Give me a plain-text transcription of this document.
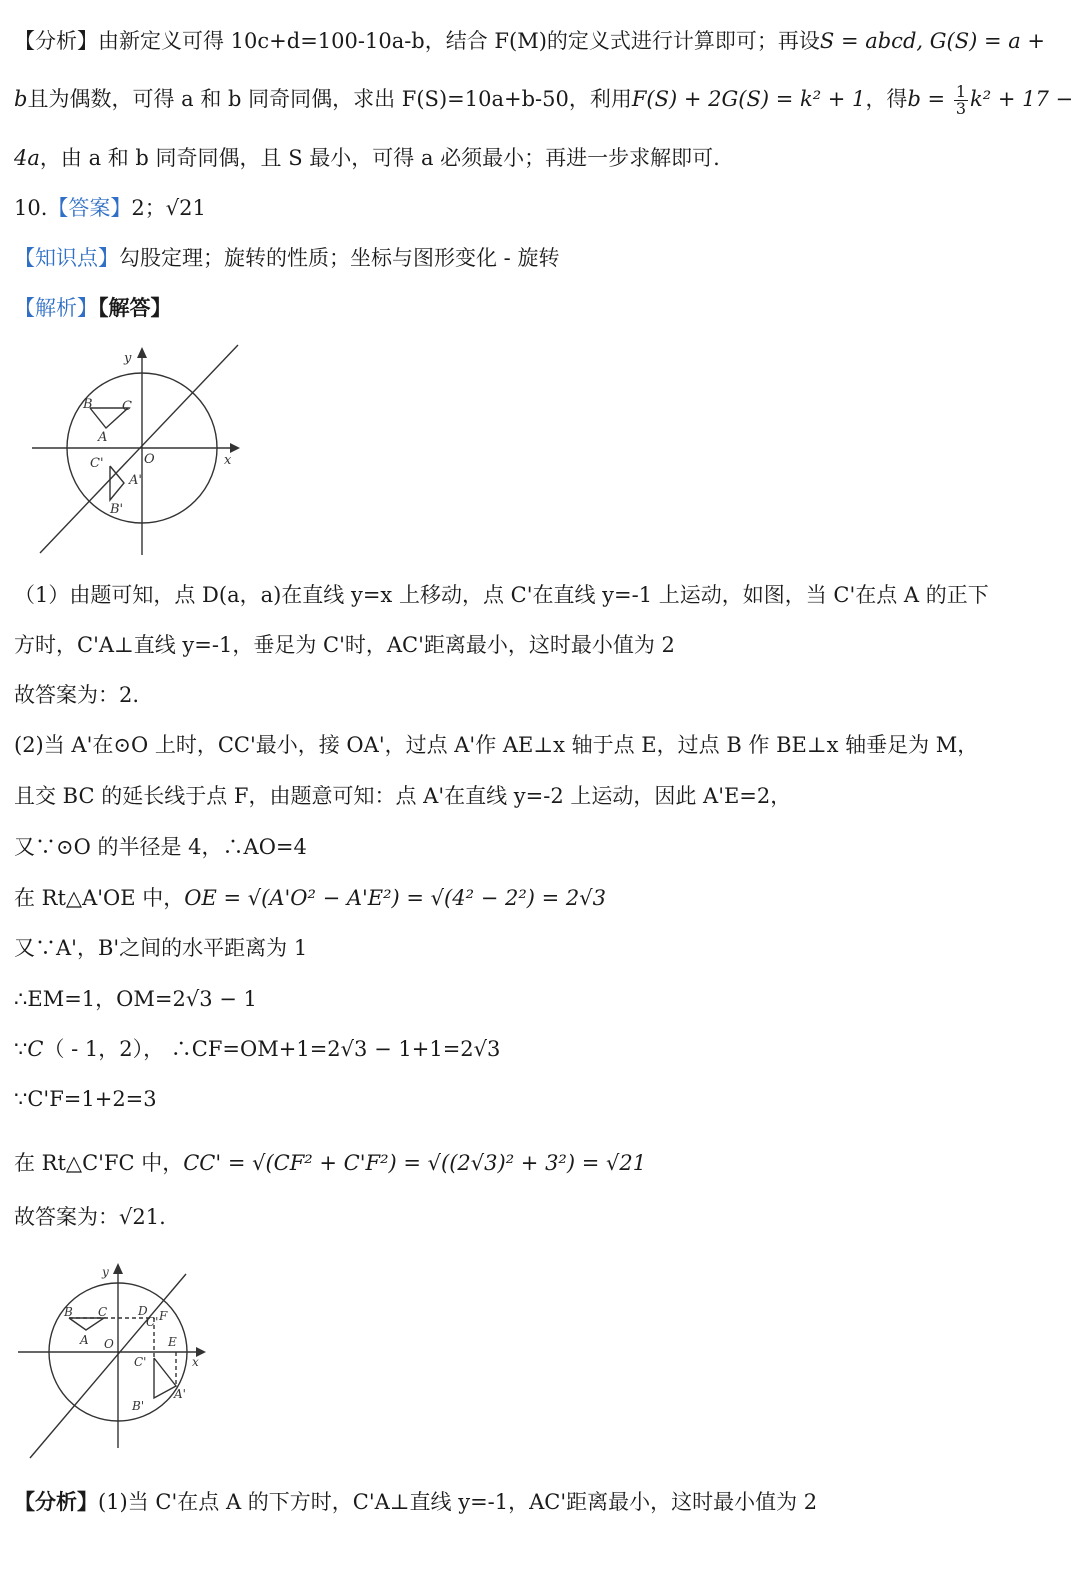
【分析】由新定义可得 10c+d=100-10a-b，结合 F(M)的定义式进行计算即可；再设S = abcd, G(S) = a +
b且为偶数，可得 a 和 b 同奇同偶，求出 F(S)=10a+b-50，利用F(S) + 2G(S) = k² + 1，得$b = \frac{1}{3} k^2 + 17$ −
4a，由 a 和 b 同奇同偶，且 S 最小，可得 a 必须最小；再进一步求解即可.
10.【答案】2；√21
【知识点】勾股定理；旋转的性质；坐标与图形变化 - 旋转
【解析】【解答】
y
x
B C
A
C'	O
A'
B'
（1）由题可知，点 D(a，a)在直线 y=x 上移动，点 C'在直线 y=-1 上运动，如图，当 C'在点 A 的正下
方时，C'A⊥直线 y=-1，垂足为 C'时，AC'距离最小，这时最小值为 2
故答案为：2.
(2)当 A'在⊙O 上时，CC'最小，接 OA'，过点 A'作 AE⊥x 轴于点 E，过点 B 作 BE⊥x 轴垂足为 M，
且交 BC 的延长线于点 F，由题意可知：点 A'在直线 y=-2 上运动，因此 A'E=2，
又∵⊙O 的半径是 4，∴AO=4
在 Rt△A'OE 中，OE = √(A'O² − A'E²) = √(4² − 2²) = 2√3
又∵A'，B'之间的水平距离为 1
∴EM=1，OM=2√3 − 1
∵C（ - 1，2）， ∴CF=OM+1=2√3 − 1+1=2√3
∵C'F=1+2=3
在 Rt△C'FC 中，CC' = √(CF² + C'F²) = √((2√3)² + 3²) = √21
故答案为：√21.
y
x
B C	D F
C'
A O	E
C'
A'
B'
【分析】(1)当 C'在点 A 的下方时，C'A⊥直线 y=-1，AC'距离最小，这时最小值为 2
